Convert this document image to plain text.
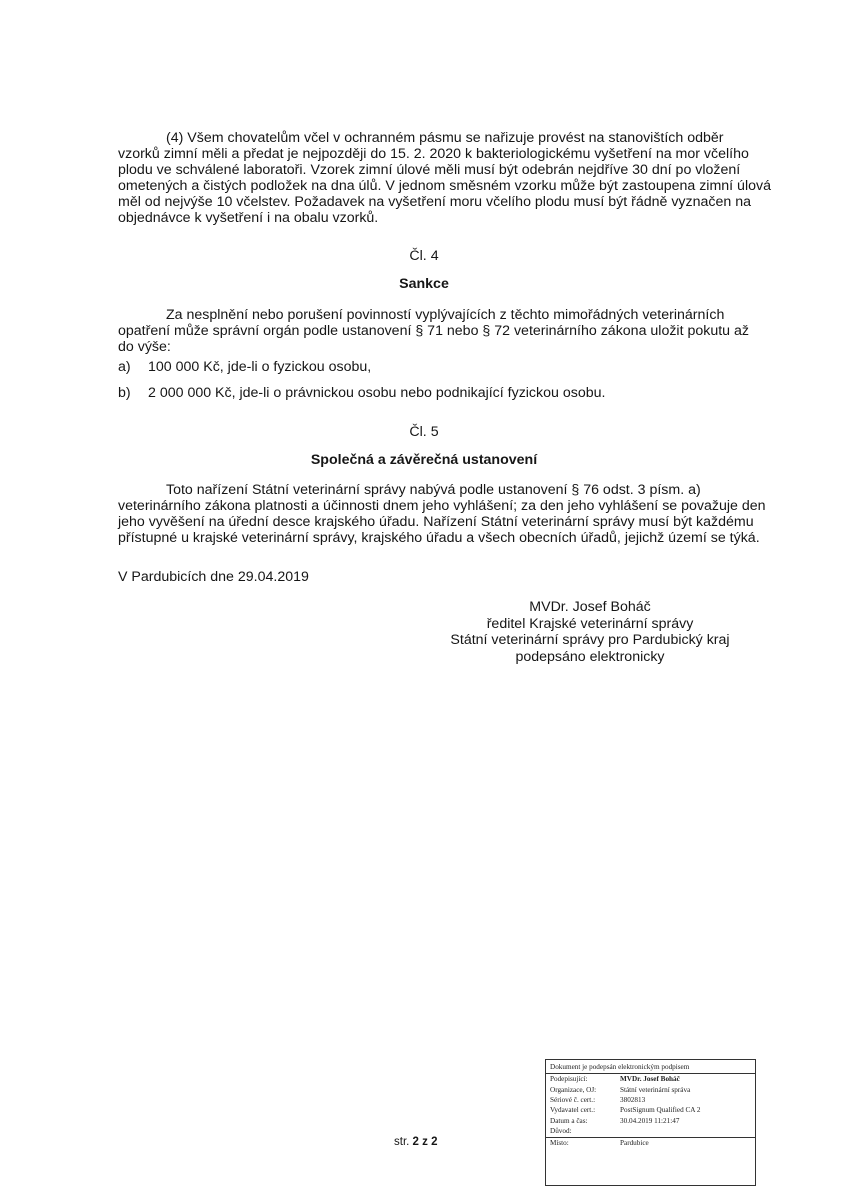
(4) Všem chovatelům včel v ochranném pásmu se nařizuje provést na stanovištích odběr
vzorků zimní měli a předat je nejpozději do 15. 2. 2020 k bakteriologickému vyšetření na mor včelího
plodu ve schválené laboratoři. Vzorek zimní úlové měli musí být odebrán nejdříve 30 dní po vložení
ometených a čistých podložek na dna úlů. V jednom směsném vzorku může být zastoupena zimní úlová
měl od nejvýše 10 včelstev. Požadavek na vyšetření moru včelího plodu musí být řádně vyznačen na
objednávce k vyšetření i na obalu vzorků.
Čl. 4
Sankce
Za nesplnění nebo porušení povinností vyplývajících z těchto mimořádných veterinárních
opatření může správní orgán podle ustanovení § 71 nebo § 72 veterinárního zákona uložit pokutu až
do výše:
a) 100 000 Kč, jde-li o fyzickou osobu,
b) 2 000 000 Kč, jde-li o právnickou osobu nebo podnikající fyzickou osobu.
Čl. 5
Společná a závěrečná ustanovení
Toto nařízení Státní veterinární správy nabývá podle ustanovení § 76 odst. 3 písm. a)
veterinárního zákona platnosti a účinnosti dnem jeho vyhlášení; za den jeho vyhlášení se považuje den
jeho vyvěšení na úřední desce krajského úřadu. Nařízení Státní veterinární správy musí být každému
přístupné u krajské veterinární správy, krajského úřadu a všech obecních úřadů, jejichž území se týká.
V Pardubicích dne 29.04.2019
MVDr. Josef Boháč
ředitel Krajské veterinární správy
Státní veterinární správy pro Pardubický kraj
podepsáno elektronicky
str. 2 z 2
Dokument je podepsán elektronickým podpisem
Podepisující:	MVDr. Josef Boháč
Organizace, OJ:	Státní veterinární správa
Sériové č. cert.:	3802813
Vydavatel cert.:	PostSignum Qualified CA 2
Datum a čas:	30.04.2019 11:21:47
Důvod:
Místo:	Pardubice
